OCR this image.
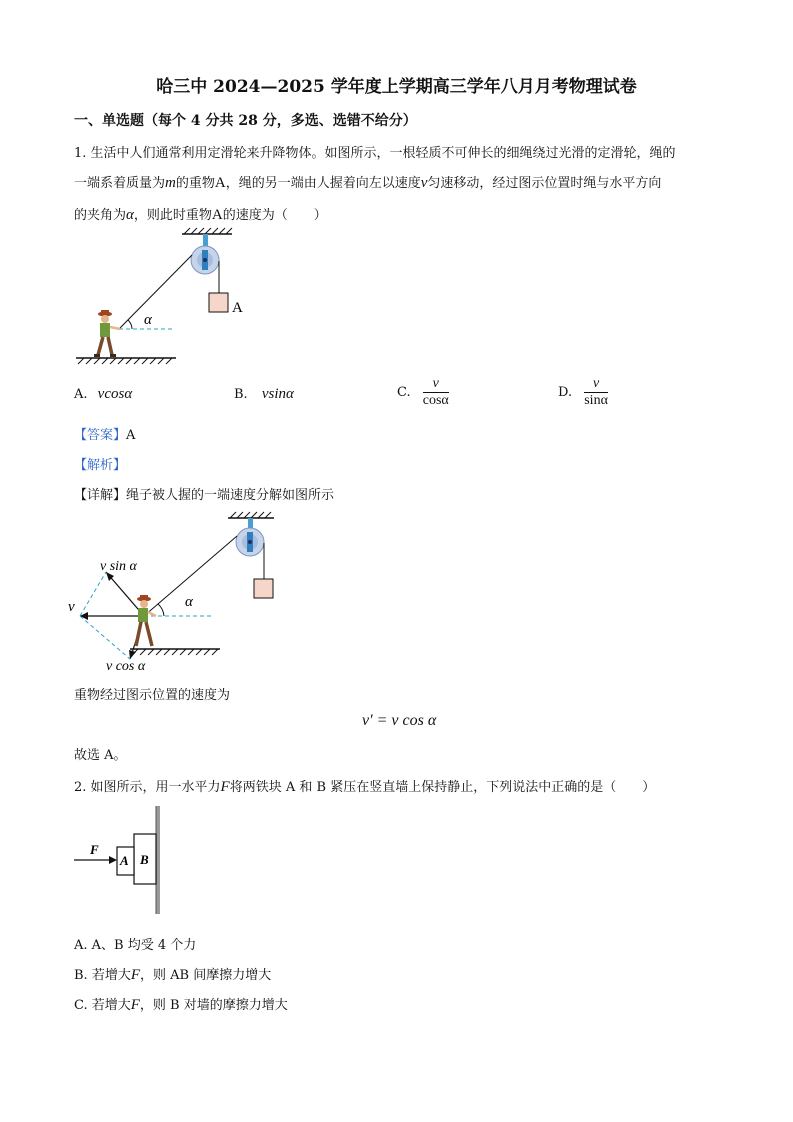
哈三中 2024—2025 学年度上学期高三学年八月月考物理试卷
一、单选题（每个 4 分共 28 分，多选、选错不给分）
1. 生活中人们通常利用定滑轮来升降物体。如图所示，一根轻质不可伸长的细绳绕过光滑的定滑轮，绳的
一端系着质量为m的重物A，绳的另一端由人握着向左以速度v匀速移动，经过图示位置时绳与水平方向
的夹角为α，则此时重物A的速度为（　　）
A
α
A. vcosα	B. vsinα	C. $\frac{v}{\cos\alpha}$	D. $\frac{v}{\sin\alpha}$
【答案】A
【解析】
【详解】绳子被人握的一端速度分解如图所示
α
v sin α
v
v cos α
重物经过图示位置的速度为
v′ = v cos α
故选 A。
2. 如图所示，用一水平力F将两铁块 A 和 B 紧压在竖直墙上保持静止，下列说法中正确的是（　　）
B
A
F
A. A、B 均受 4 个力
B. 若增大F，则 AB 间摩擦力增大
C. 若增大F，则 B 对墙的摩擦力增大
